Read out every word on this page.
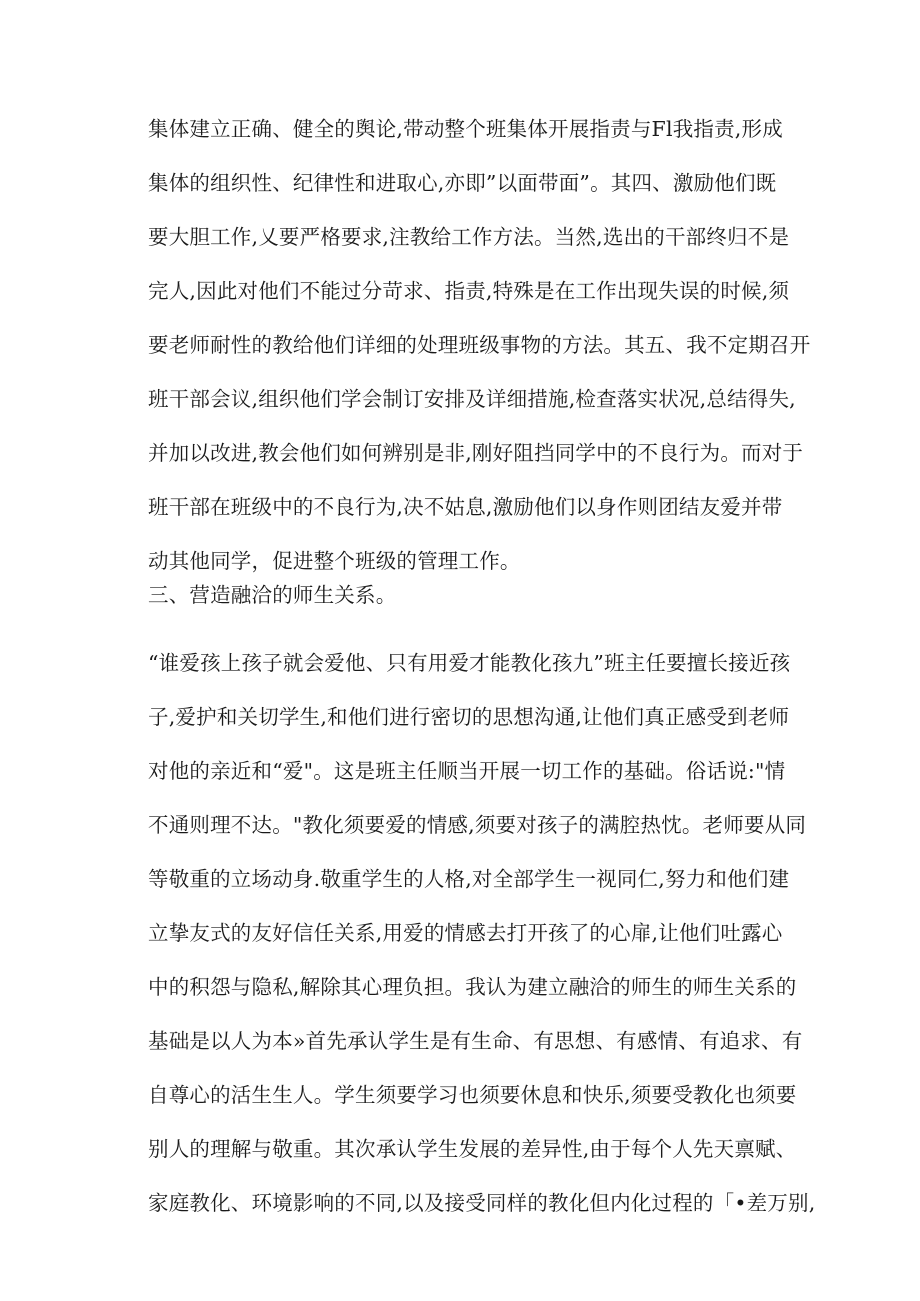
集体建立正确、健全的舆论,带动整个班集体开展指责与Fl我指责,形成
集体的组织性、纪律性和进取心,亦即”以面带面”。其四、激励他们既
要大胆工作,乂要严格要求,注教给工作方法。当然,选出的干部终归不是
完人,因此对他们不能过分苛求、指责,特殊是在工作出现失误的时候,须
要老师耐性的教给他们详细的处理班级事物的方法。其五、我不定期召开
班干部会议,组织他们学会制订安排及详细措施,检查落实状况,总结得失,
并加以改进,教会他们如何辨别是非,刚好阻挡同学中的不良行为。而对于
班干部在班级中的不良行为,决不姑息,激励他们以身作则团结友爱并带
动其他同学，促进整个班级的管理工作。
三、营造融洽的师生关系。
“谁爱孩上孩子就会爱他、只有用爱才能教化孩九”班主任要擅长接近孩
子,爱护和关切学生,和他们进行密切的思想沟通,让他们真正感受到老师
对他的亲近和“爱"。这是班主任顺当开展一切工作的基础。俗话说:"情
不通则理不达。"教化须要爱的情感,须要对孩子的满腔热忱。老师要从同
等敬重的立场动身.敬重学生的人格,对全部学生一视同仁,努力和他们建
立挚友式的友好信任关系,用爱的情感去打开孩了的心扉,让他们吐露心
中的积怨与隐私,解除其心理负担。我认为建立融洽的师生的师生关系的
基础是以人为本»首先承认学生是有生命、有思想、有感情、有追求、有
自尊心的活生生人。学生须要学习也须要休息和快乐,须要受教化也须要
别人的理解与敬重。其次承认学生发展的差异性,由于每个人先天禀赋、
家庭教化、环境影响的不同,以及接受同样的教化但内化过程的「•差万别,
